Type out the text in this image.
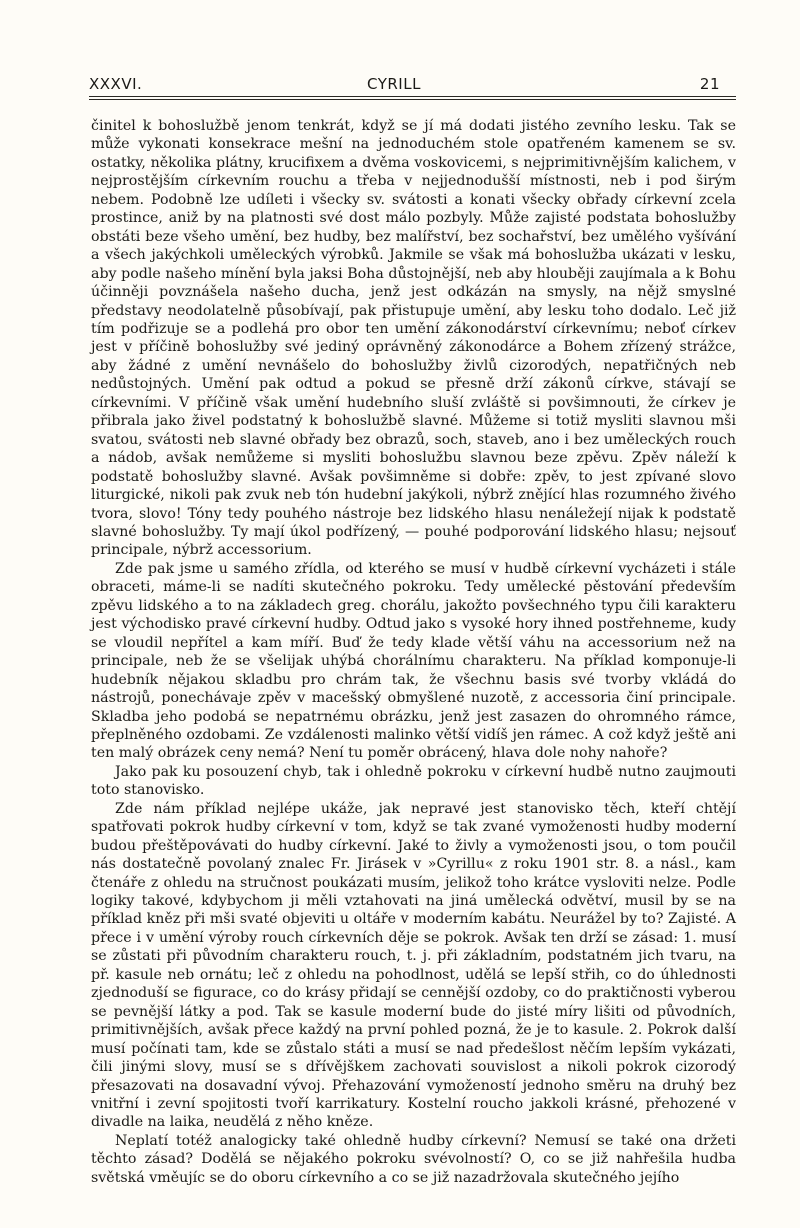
XXXVI.	CYRILL	21

činitel k bohoslužbě jenom tenkrát, když se jí má dodati jistého zevního lesku. Tak se může vykonati konsekrace mešní na jednoduchém stole opatřeném kamenem se sv. ostatky, několika plátny, krucifixem a dvěma voskovicemi, s nejprimitivnějším kalichem, v nejprostějším církevním rouchu a třeba v nejjednodušší místnosti, neb i pod širým nebem. Podobně lze udíleti i všecky sv. svátosti a konati všecky obřady církevní zcela prostince, aniž by na platnosti své dost málo pozbyly. Může zajisté podstata bohoslužby obstáti beze všeho umění, bez hudby, bez malířství, bez sochařství, bez umělého vyšívání a všech jakýchkoli uměleckých výrobků. Jakmile se však má bohoslužba ukázati v lesku, aby podle našeho mínění byla jaksi Boha důstojnější, neb aby hlouběji zaujímala a k Bohu účinněji povznášela našeho ducha, jenž jest odkázán na smysly, na nějž smyslné představy neodolatelně působívají, pak přistupuje umění, aby lesku toho dodalo. Leč již tím podřizuje se a podlehá pro obor ten umění zákonodárství církevnímu; neboť církev jest v příčině bohoslužby své jediný oprávněný zákonodárce a Bohem zřízený strážce, aby žádné z umění nevnášelo do bohoslužby živlů cizorodých, nepatřičných neb nedůstojných. Umění pak odtud a pokud se přesně drží zákonů církve, stávají se církevními. V příčině však umění hudebního sluší zvláště si povšimnouti, že církev je přibrala jako živel podstatný k bohoslužbě slavné. Můžeme si totiž mysliti slavnou mši svatou, svátosti neb slavné obřady bez obrazů, soch, staveb, ano i bez uměleckých rouch a nádob, avšak nemůžeme si mysliti bohoslužbu slavnou beze zpěvu. Zpěv náleží k podstatě bohoslužby slavné. Avšak povšimněme si dobře: zpěv, to jest zpívané slovo liturgické, nikoli pak zvuk neb tón hudební jakýkoli, nýbrž znějící hlas rozumného živého tvora, slovo! Tóny tedy pouhého nástroje bez lidského hlasu nenáležejí nijak k podstatě slavné bohoslužby. Ty mají úkol podřízený, — pouhé podporování lidského hlasu; nejsouť principale, nýbrž accessorium.

Zde pak jsme u samého zřídla, od kterého se musí v hudbě církevní vycházeti i stále obraceti, máme-li se nadíti skutečného pokroku. Tedy umělecké pěstování především zpěvu lidského a to na základech greg. chorálu, jakožto povšechného typu čili karakteru jest východisko pravé církevní hudby. Odtud jako s vysoké hory ihned postřehneme, kudy se vloudil nepřítel a kam míří. Buď že tedy klade větší váhu na accessorium než na principale, neb že se všelijak uhýbá chorálnímu charakteru. Na příklad komponuje-li hudebník nějakou skladbu pro chrám tak, že všechnu basis své tvorby vkládá do nástrojů, ponechávaje zpěv v macešský obmyšlené nuzotě, z accessoria činí principale. Skladba jeho podobá se nepatrnému obrázku, jenž jest zasazen do ohromného rámce, přeplněného ozdobami. Ze vzdálenosti malinko větší vidíš jen rámec. A což když ještě ani ten malý obrázek ceny nemá? Není tu poměr obrácený, hlava dole nohy nahoře?

Jako pak ku posouzení chyb, tak i ohledně pokroku v církevní hudbě nutno zaujmouti toto stanovisko.

Zde nám příklad nejlépe ukáže, jak nepravé jest stanovisko těch, kteří chtějí spatřovati pokrok hudby církevní v tom, když se tak zvané vymoženosti hudby moderní budou přeštěpovávati do hudby církevní. Jaké to živly a vymoženosti jsou, o tom poučil nás dostatečně povolaný znalec Fr. Jirásek v »Cyrillu« z roku 1901 str. 8. a násl., kam čtenáře z ohledu na stručnost poukázati musím, jelikož toho krátce vysloviti nelze. Podle logiky takové, kdybychom ji měli vztahovati na jiná umělecká odvětví, musil by se na příklad kněz při mši svaté objeviti u oltáře v moderním kabátu. Neurážel by to? Zajisté. A přece i v umění výroby rouch církevních děje se pokrok. Avšak ten drží se zásad: 1. musí se zůstati při původním charakteru rouch, t. j. při základním, podstatném jich tvaru, na př. kasule neb ornátu; leč z ohledu na pohodlnost, udělá se lepší střih, co do úhlednosti zjednoduší se figurace, co do krásy přidají se cennější ozdoby, co do praktičnosti vyberou se pevnější látky a pod. Tak se kasule moderní bude do jisté míry lišiti od původních, primitivnějších, avšak přece každý na první pohled pozná, že je to kasule. 2. Pokrok další musí počínati tam, kde se zůstalo státi a musí se nad předešlost něčím lepším vykázati, čili jinými slovy, musí se s dřívějškem zachovati souvislost a nikoli pokrok cizorodý přesazovati na dosavadní vývoj. Přehazování vymožeností jednoho směru na druhý bez vnitřní i zevní spojitosti tvoří karrikatury. Kostelní roucho jakkoli krásné, přehozené v divadle na laika, neudělá z něho kněze.

Neplatí totéž analogicky také ohledně hudby církevní? Nemusí se také ona držeti těchto zásad? Dodělá se nějakého pokroku svévolností? O, co se již nahřešila hudba světská vměujíc se do oboru církevního a co se již nazadržovala skutečného jejího
